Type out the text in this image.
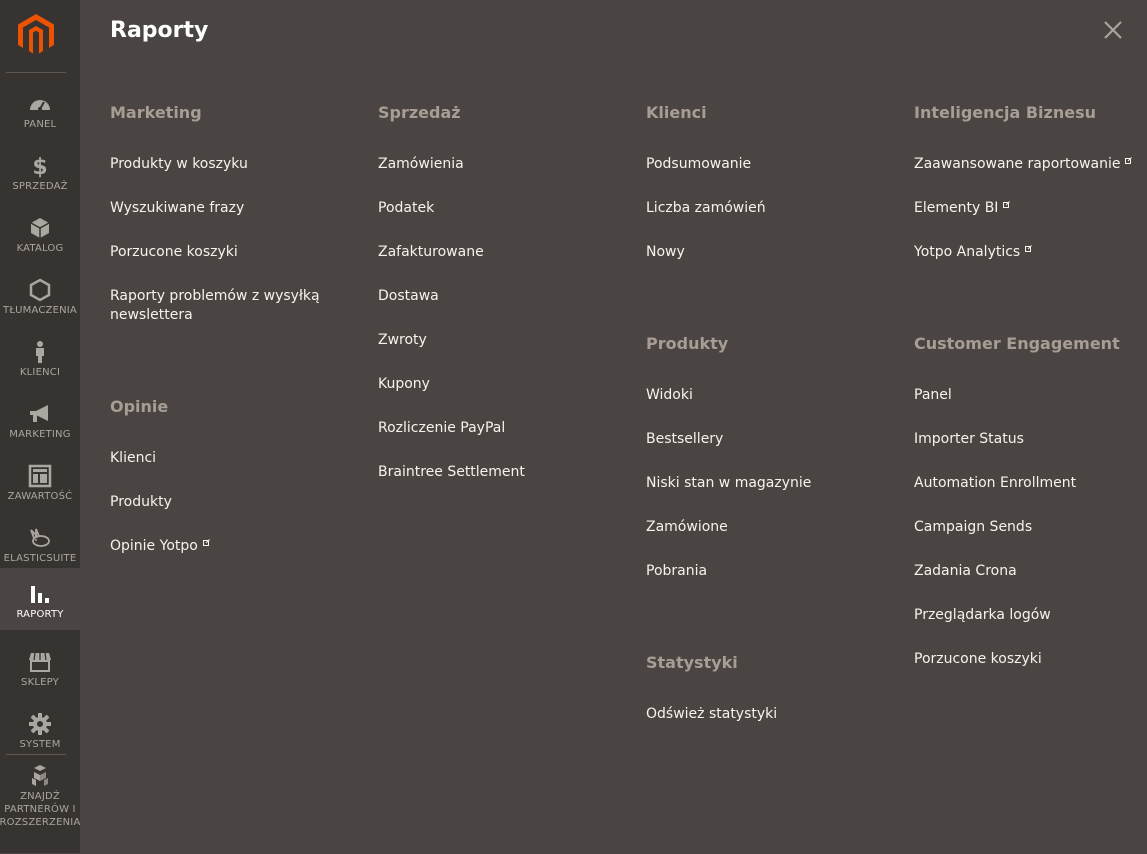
PANEL
$
SPRZEDAŻ
KATALOG
TŁUMACZENIA
KLIENCI
MARKETING
ZAWARTOŚĆ
ELASTICSUITE
RAPORTY
SKLEPY
SYSTEM
ZNAJDŹ
PARTNERÓW I
ROZSZERZENIA
Raporty
Marketing
Produkty w koszyku
Wyszukiwane frazy
Porzucone koszyki
Raporty problemów z wysyłką newslettera
Opinie
Klienci
Produkty
Opinie Yotpo
Sprzedaż
Zamówienia
Podatek
Zafakturowane
Dostawa
Zwroty
Kupony
Rozliczenie PayPal
Braintree Settlement
Klienci
Podsumowanie
Liczba zamówień
Nowy
Produkty
Widoki
Bestsellery
Niski stan w magazynie
Zamówione
Pobrania
Statystyki
Odśwież statystyki
Inteligencja Biznesu
Zaawansowane raportowanie
Elementy BI
Yotpo Analytics
Customer Engagement
Panel
Importer Status
Automation Enrollment
Campaign Sends
Zadania Crona
Przeglądarka logów
Porzucone koszyki
